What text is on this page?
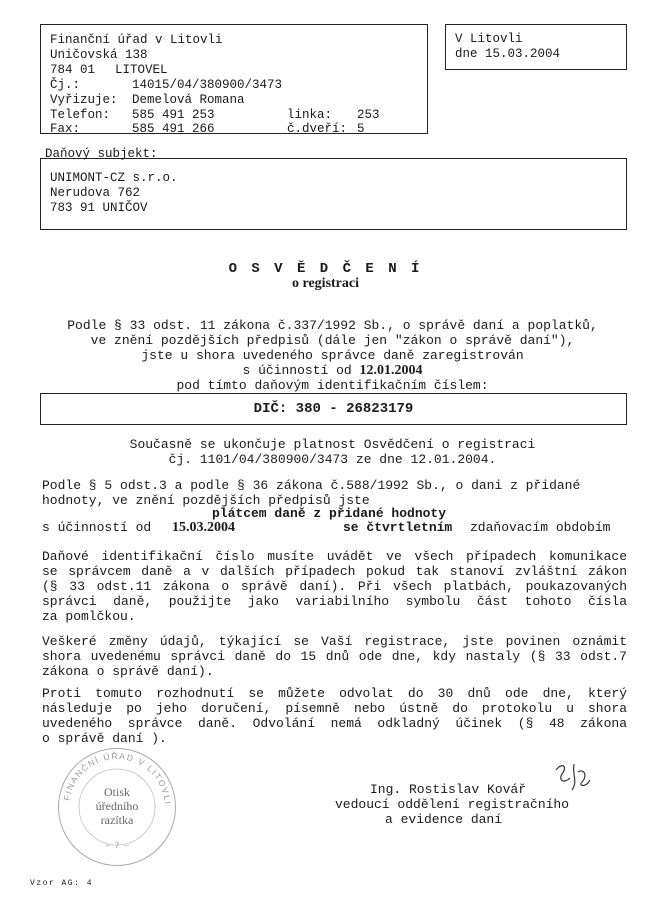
Finanční úřad v Litovli
Uničovská 138
784 01 LITOVEL
Čj.:	14015/04/380900/3473
Vyřizuje: Demelová Romana
Telefon: 585 491 253	linka: 253
Fax:	585 491 266	č.dveří: 5
V Litovli
dne 15.03.2004
Daňový subjekt:
UNIMONT-CZ s.r.o.
Nerudova 762
783 91 UNIČOV
O S V Ě D Č E N Í
o registraci
Podle § 33 odst. 11 zákona č.337/1992 Sb., o správě daní a poplatků,
ve znění pozdějších předpisů (dále jen "zákon o správě daní"),
jste u shora uvedeného správce daně zaregistrován
s účinností od 12.01.2004
pod tímto daňovým identifikačním číslem:
DIČ: 380 - 26823179
Současně se ukončuje platnost Osvědčení o registraci
čj. 1101/04/380900/3473 ze dne 12.01.2004.
Podle § 5 odst.3 a podle § 36 zákona č.588/1992 Sb., o dani z přidané
hodnoty, ve znění pozdějších předpisů jste
plátcem daně z přidané hodnoty
s účinností od 15.03.2004	se čtvrtletním zdaňovacím obdobím
Daňové identifikační číslo musíte uvádět ve všech případech komunikace
se správcem daně a v dalších případech pokud tak stanoví zvláštní zákon
(§ 33 odst.11 zákona o správě daní). Při všech platbách, poukazovaných
správci daně, použijte jako variabilního symbolu část tohoto čísla
za pomlčkou.
Veškeré změny údajů, týkající se Vaší registrace, jste povinen oznámit
shora uvedenému správci daně do 15 dnů ode dne, kdy nastaly (§ 33 odst.7
zákona o správě daní).
Proti tomuto rozhodnutí se můžete odvolat do 30 dnů ode dne, který
následuje po jeho doručení, písemně nebo ústně do protokolu u shora
uvedeného správce daně. Odvolání nemá odkladný účinek (§ 48 zákona
o správě daní ).
FINANČNÍ ÚŘAD V LITOVLI
Otisk
úředního
razítka
— 7 —
Ing. Rostislav Kovář
vedoucí oddělení registračního
a evidence daní
Vzor AG: 4
